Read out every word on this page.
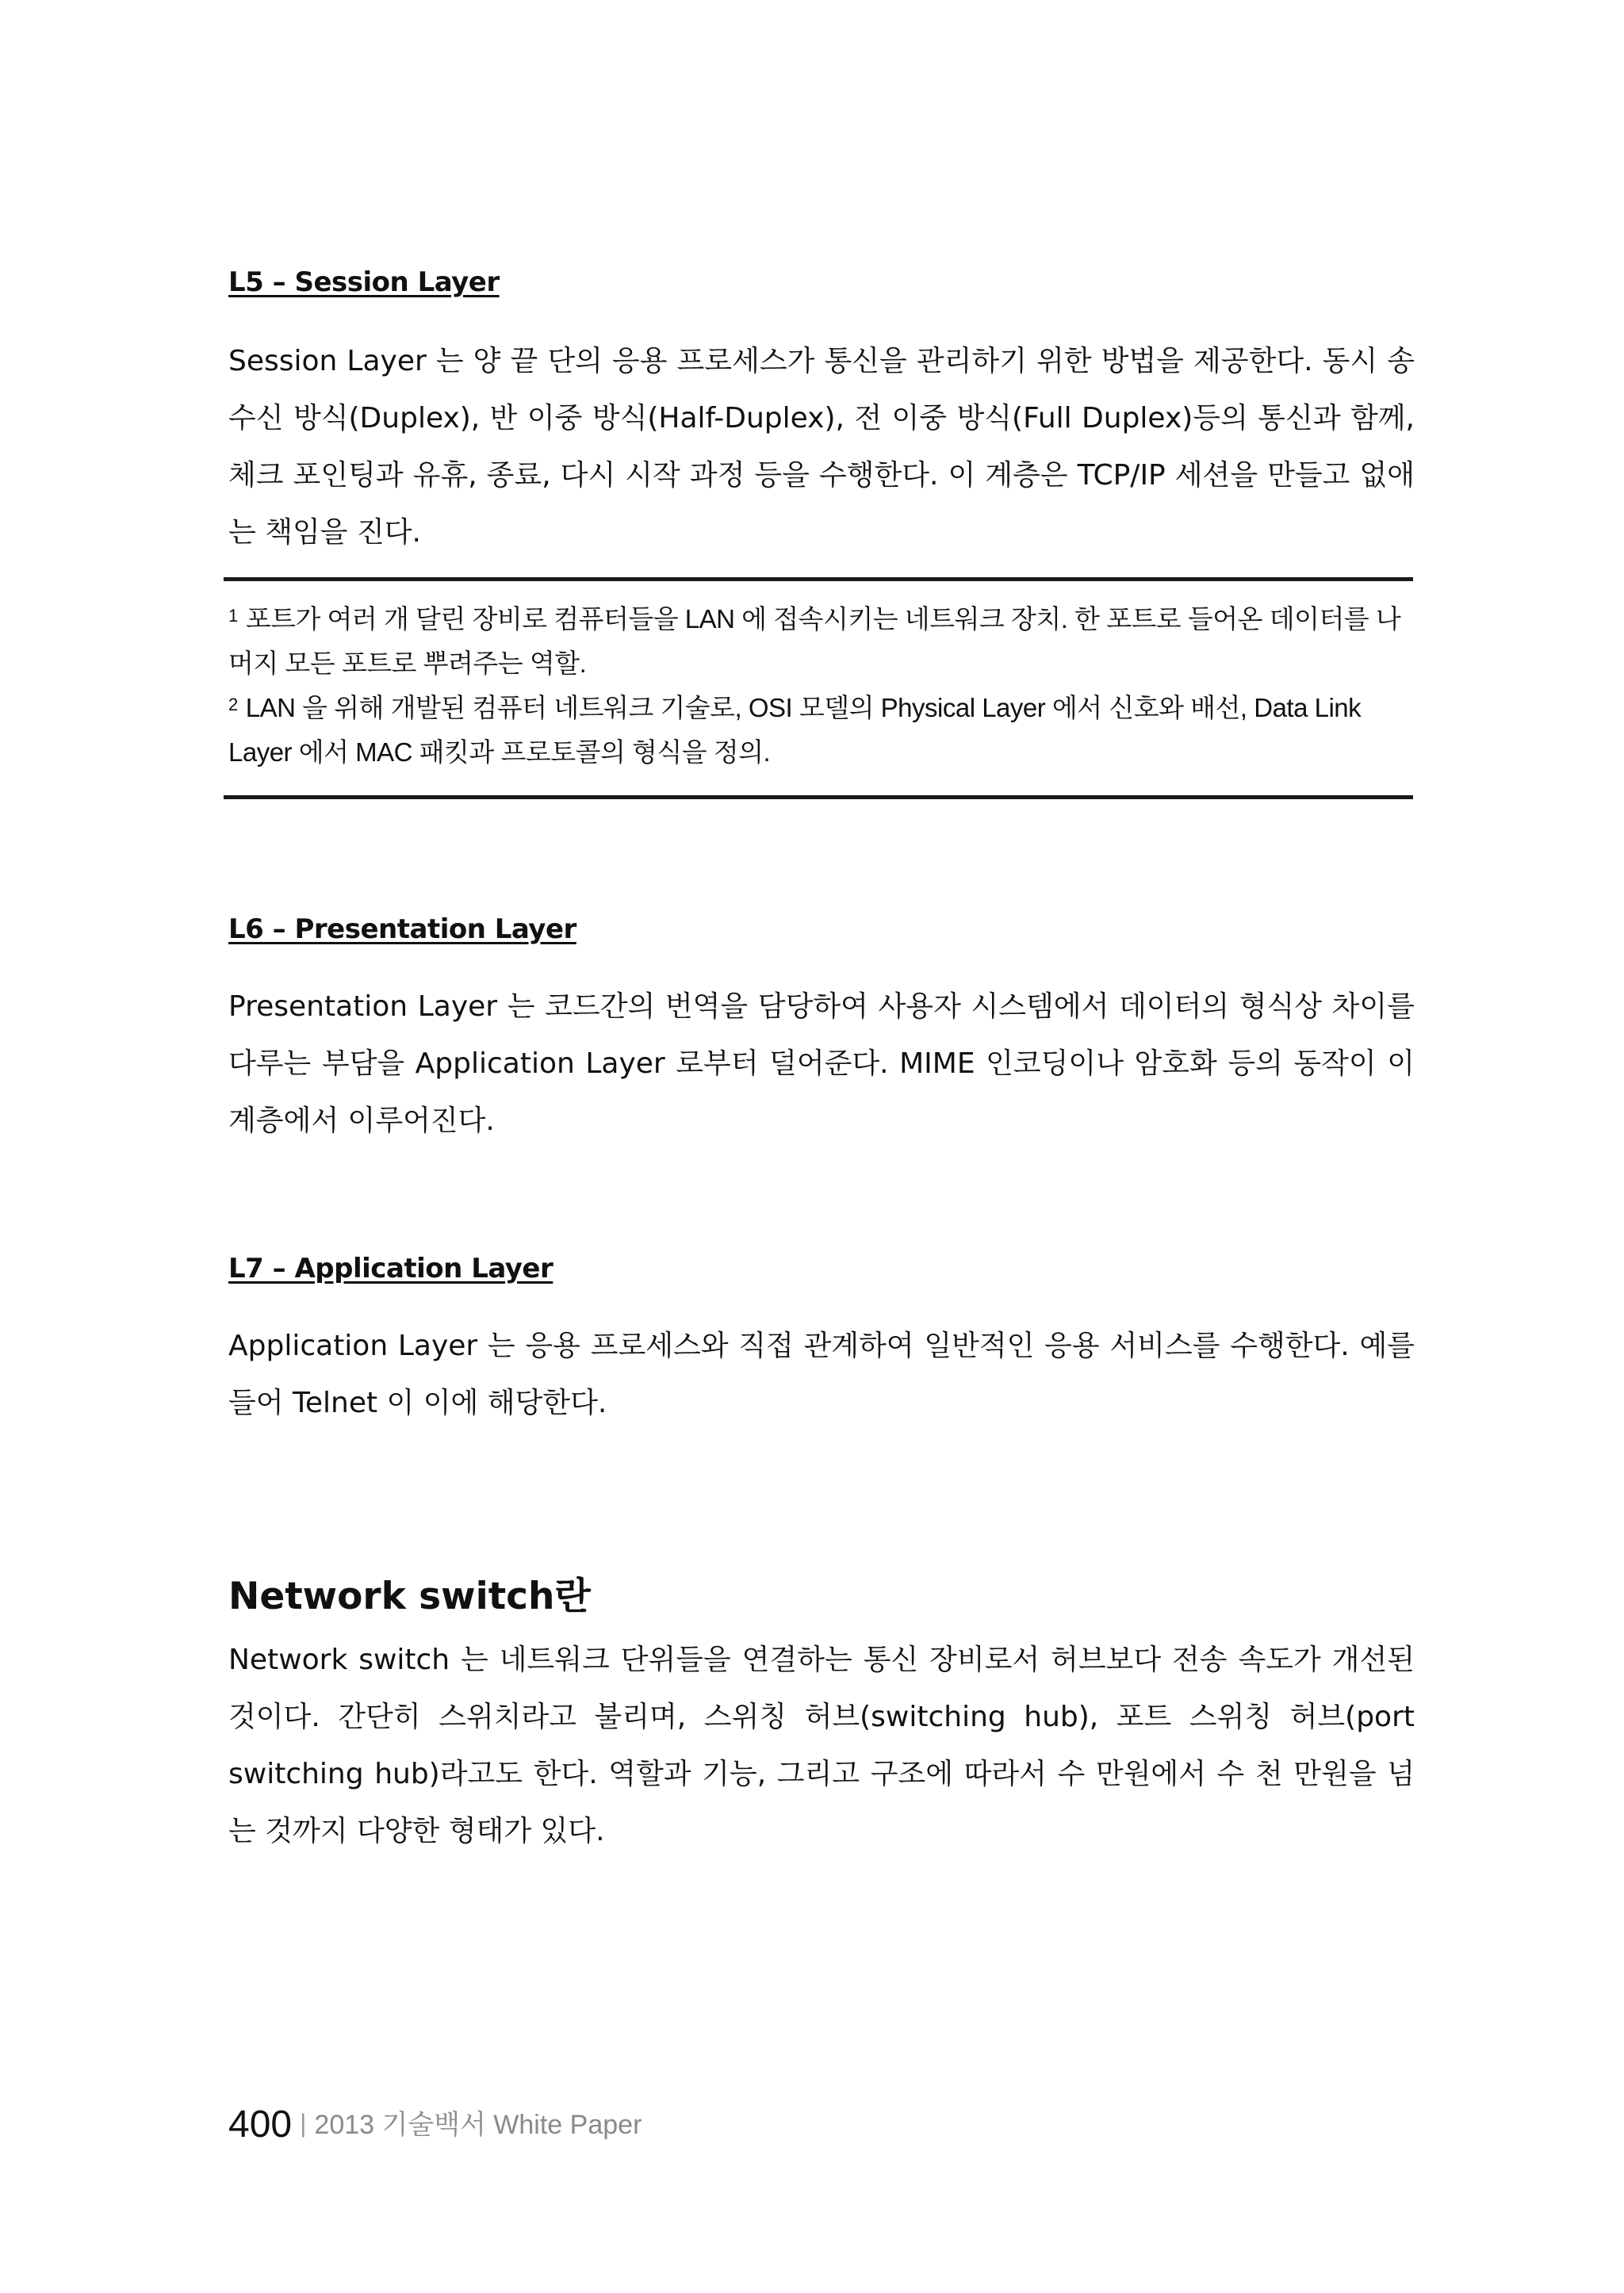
L5 – Session Layer

Session Layer 는 양 끝 단의 응용 프로세스가 통신을 관리하기 위한 방법을 제공한다. 동시 송수신 방식(Duplex), 반 이중 방식(Half-Duplex), 전 이중 방식(Full Duplex)등의 통신과 함께, 체크 포인팅과 유휴, 종료, 다시 시작 과정 등을 수행한다. 이 계층은 TCP/IP 세션을 만들고 없애는 책임을 진다.

$^1$ 포트가 여러 개 달린 장비로 컴퓨터들을 LAN 에 접속시키는 네트워크 장치. 한 포트로 들어온 데이터를 나머지 모든 포트로 뿌려주는 역할.

$^2$ LAN 을 위해 개발된 컴퓨터 네트워크 기술로, OSI 모델의 Physical Layer 에서 신호와 배선, Data Link Layer 에서 MAC 패킷과 프로토콜의 형식을 정의.

L6 – Presentation Layer

Presentation Layer 는 코드간의 번역을 담당하여 사용자 시스템에서 데이터의 형식상 차이를 다루는 부담을 Application Layer 로부터 덜어준다. MIME 인코딩이나 암호화 등의 동작이 이 계층에서 이루어진다.

L7 – Application Layer

Application Layer 는 응용 프로세스와 직접 관계하여 일반적인 응용 서비스를 수행한다. 예를 들어 Telnet 이 이에 해당한다.

Network switch란

Network switch 는 네트워크 단위들을 연결하는 통신 장비로서 허브보다 전송 속도가 개선된 것이다. 간단히 스위치라고 불리며, 스위칭 허브(switching hub), 포트 스위칭 허브(port switching hub)라고도 한다. 역할과 기능, 그리고 구조에 따라서 수 만원에서 수 천 만원을 넘는 것까지 다양한 형태가 있다.

400 | 2013 기술백서 White Paper
